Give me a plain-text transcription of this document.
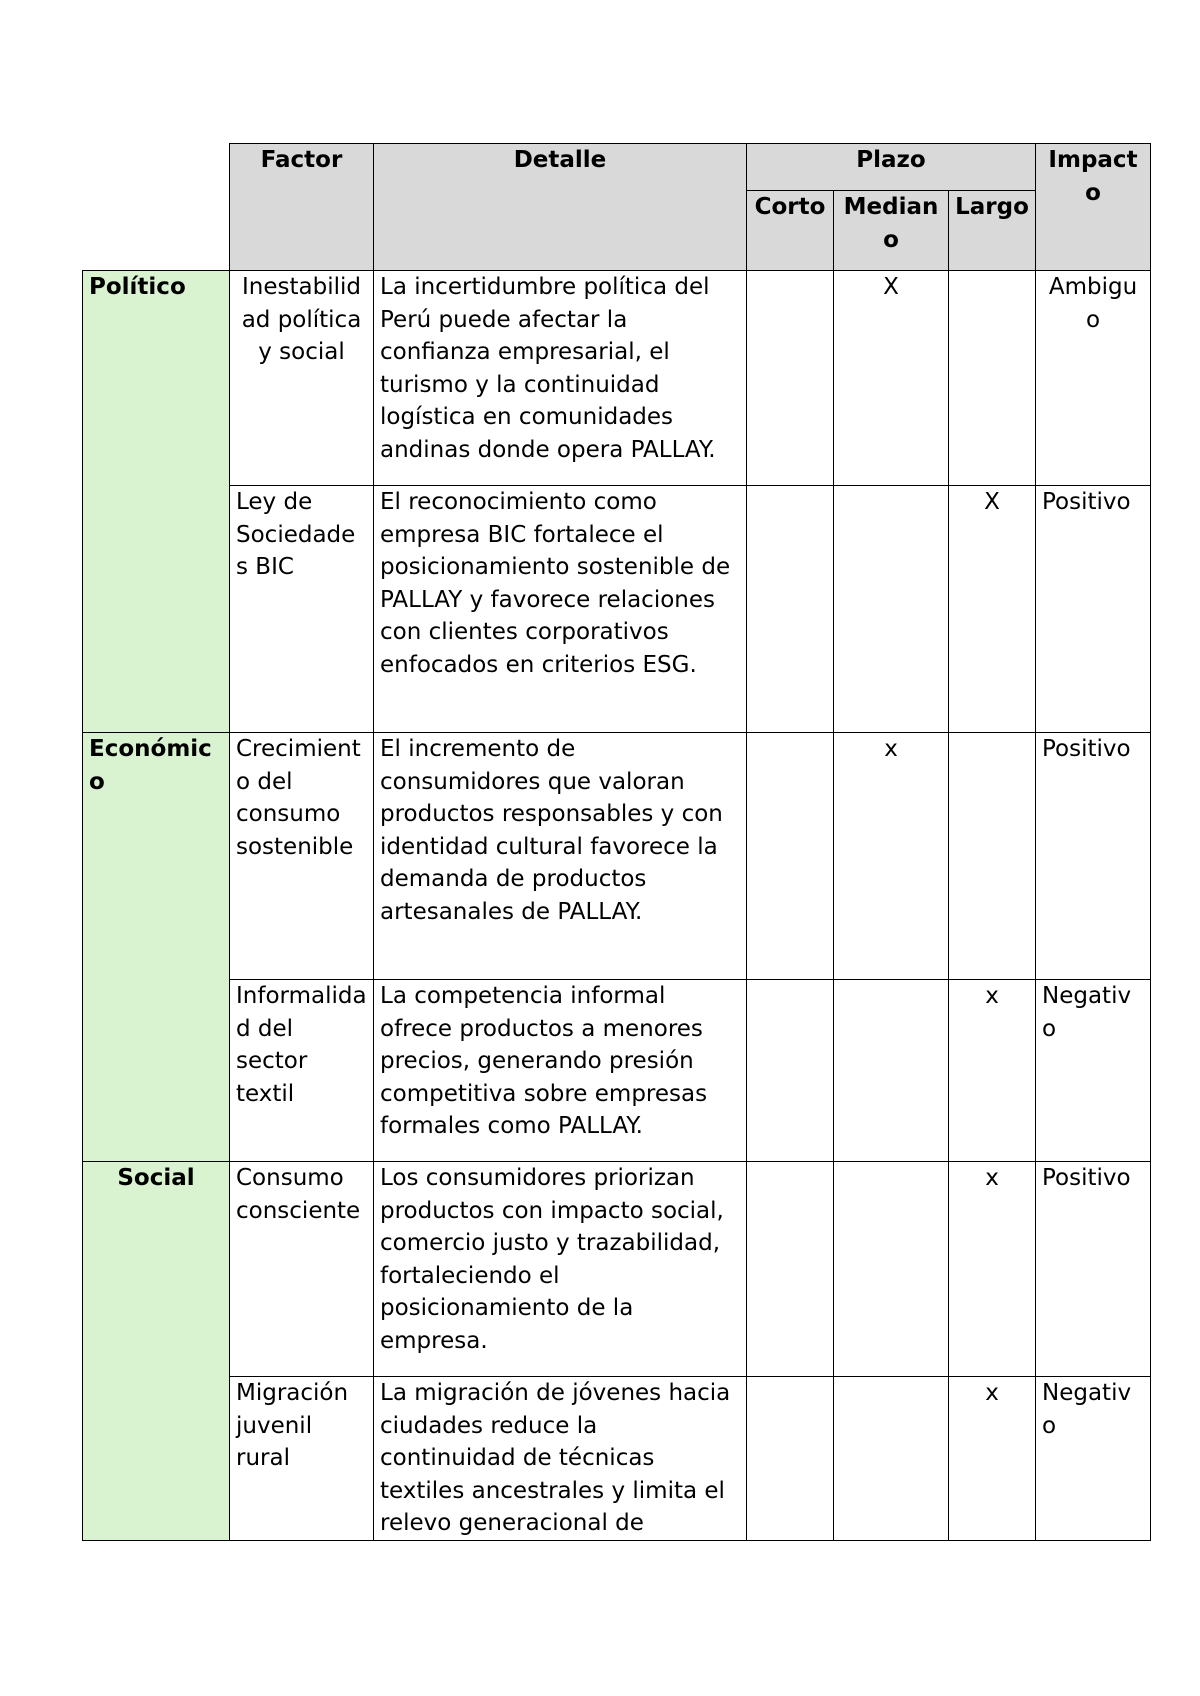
	Factor	Detalle	Plazo			Impacto
			Corto	Mediano	Largo	
Político	Inestabilidad política y social	La incertidumbre política del Perú puede afectar la confianza empresarial, el turismo y la continuidad logística en comunidades andinas donde opera PALLAY.		X		Ambiguo
	Ley de Sociedades BIC	El reconocimiento como empresa BIC fortalece el posicionamiento sostenible de PALLAY y favorece relaciones con clientes corporativos enfocados en criterios ESG.			X	Positivo
Económico	Crecimiento del consumo sostenible	El incremento de consumidores que valoran productos responsables y con identidad cultural favorece la demanda de productos artesanales de PALLAY.		x		Positivo
	Informalidad del sector textil	La competencia informal ofrece productos a menores precios, generando presión competitiva sobre empresas formales como PALLAY.			x	Negativo
Social	Consumo consciente	Los consumidores priorizan productos con impacto social, comercio justo y trazabilidad, fortaleciendo el posicionamiento de la empresa.			x	Positivo
	Migración juvenil rural	La migración de jóvenes hacia ciudades reduce la continuidad de técnicas textiles ancestrales y limita el relevo generacional de			x	Negativo
